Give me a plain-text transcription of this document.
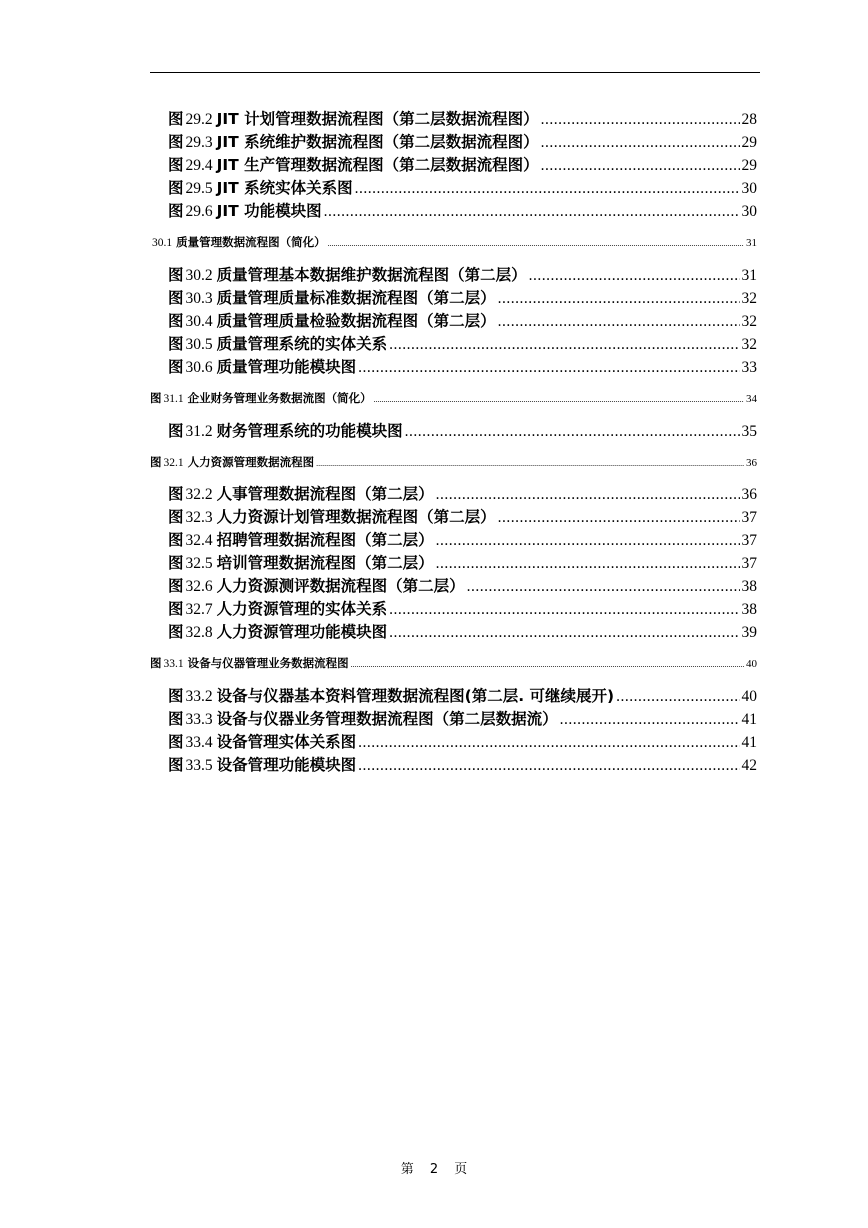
图 29.2 JIT 计划管理数据流程图（第二层数据流程图） .....	28
图 29.3 JIT 系统维护数据流程图（第二层数据流程图） .....	29
图 29.4 JIT 生产管理数据流程图（第二层数据流程图） .....	29
图 29.5 JIT 系统实体关系图 .....	30
图 29.6 JIT 功能模块图 .....	30
30.1 质量管理数据流程图（简化） .....	31
图 30.2 质量管理基本数据维护数据流程图（第二层） .....	31
图 30.3 质量管理质量标准数据流程图（第二层） .....	32
图 30.4 质量管理质量检验数据流程图（第二层） .....	32
图 30.5 质量管理系统的实体关系 .....	32
图 30.6 质量管理功能模块图 .....	33
图 31.1 企业财务管理业务数据流图（简化） .....	34
图 31.2 财务管理系统的功能模块图 .....	35
图 32.1 人力资源管理数据流程图 .....	36
图 32.2 人事管理数据流程图（第二层） .....	36
图 32.3 人力资源计划管理数据流程图（第二层） .....	37
图 32.4 招聘管理数据流程图（第二层） .....	37
图 32.5 培训管理数据流程图（第二层） .....	37
图 32.6 人力资源测评数据流程图（第二层） .....	38
图 32.7 人力资源管理的实体关系 .....	38
图 32.8 人力资源管理功能模块图 .....	39
图 33.1 设备与仪器管理业务数据流程图 .....	40
图 33.2 设备与仪器基本资料管理数据流程图(第二层. 可继续展开) .....	40
图 33.3 设备与仪器业务管理数据流程图（第二层数据流） .....	41
图 33.4 设备管理实体关系图 .....	41
图 33.5 设备管理功能模块图 .....	42
第 2 页
